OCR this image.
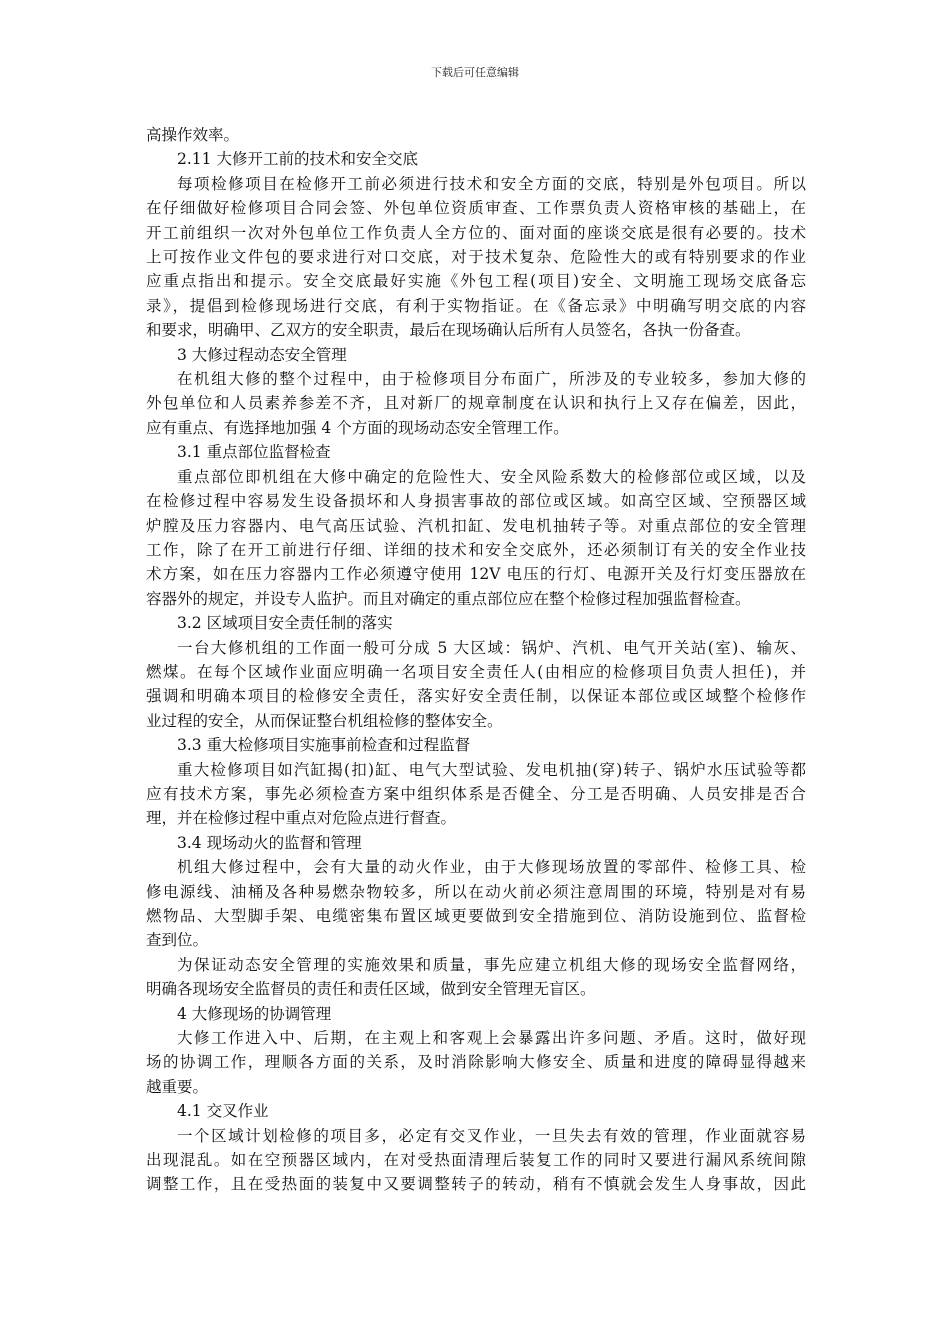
下载后可任意编辑
高操作效率。
2.11 大修开工前的技术和安全交底
每项检修项目在检修开工前必须进行技术和安全方面的交底，特别是外包项目。所以
在仔细做好检修项目合同会签、外包单位资质审查、工作票负责人资格审核的基础上，在
开工前组织一次对外包单位工作负责人全方位的、面对面的座谈交底是很有必要的。技术
上可按作业文件包的要求进行对口交底，对于技术复杂、危险性大的或有特别要求的作业
应重点指出和提示。安全交底最好实施《外包工程(项目)安全、文明施工现场交底备忘
录》，提倡到检修现场进行交底，有利于实物指证。在《备忘录》中明确写明交底的内容
和要求，明确甲、乙双方的安全职责，最后在现场确认后所有人员签名，各执一份备查。
3 大修过程动态安全管理
在机组大修的整个过程中，由于检修项目分布面广，所涉及的专业较多，参加大修的
外包单位和人员素养参差不齐，且对新厂的规章制度在认识和执行上又存在偏差，因此，
应有重点、有选择地加强 4 个方面的现场动态安全管理工作。
3.1 重点部位监督检查
重点部位即机组在大修中确定的危险性大、安全风险系数大的检修部位或区域，以及
在检修过程中容易发生设备损坏和人身损害事故的部位或区域。如高空区域、空预器区域
炉膛及压力容器内、电气高压试验、汽机扣缸、发电机抽转子等。对重点部位的安全管理
工作，除了在开工前进行仔细、详细的技术和安全交底外，还必须制订有关的安全作业技
术方案，如在压力容器内工作必须遵守使用 12V 电压的行灯、电源开关及行灯变压器放在
容器外的规定，并设专人监护。而且对确定的重点部位应在整个检修过程加强监督检查。
3.2 区域项目安全责任制的落实
一台大修机组的工作面一般可分成 5 大区域：锅炉、汽机、电气开关站(室)、输灰、
燃煤。在每个区域作业面应明确一名项目安全责任人(由相应的检修项目负责人担任)，并
强调和明确本项目的检修安全责任，落实好安全责任制，以保证本部位或区域整个检修作
业过程的安全，从而保证整台机组检修的整体安全。
3.3 重大检修项目实施事前检查和过程监督
重大检修项目如汽缸揭(扣)缸、电气大型试验、发电机抽(穿)转子、锅炉水压试验等都
应有技术方案，事先必须检查方案中组织体系是否健全、分工是否明确、人员安排是否合
理，并在检修过程中重点对危险点进行督查。
3.4 现场动火的监督和管理
机组大修过程中，会有大量的动火作业，由于大修现场放置的零部件、检修工具、检
修电源线、油桶及各种易燃杂物较多，所以在动火前必须注意周围的环境，特别是对有易
燃物品、大型脚手架、电缆密集布置区域更要做到安全措施到位、消防设施到位、监督检
查到位。
为保证动态安全管理的实施效果和质量，事先应建立机组大修的现场安全监督网络，
明确各现场安全监督员的责任和责任区域，做到安全管理无盲区。
4 大修现场的协调管理
大修工作进入中、后期，在主观上和客观上会暴露出许多问题、矛盾。这时，做好现
场的协调工作，理顺各方面的关系，及时消除影响大修安全、质量和进度的障碍显得越来
越重要。
4.1 交叉作业
一个区域计划检修的项目多，必定有交叉作业，一旦失去有效的管理，作业面就容易
出现混乱。如在空预器区域内，在对受热面清理后装复工作的同时又要进行漏风系统间隙
调整工作，且在受热面的装复中又要调整转子的转动，稍有不慎就会发生人身事故，因此
